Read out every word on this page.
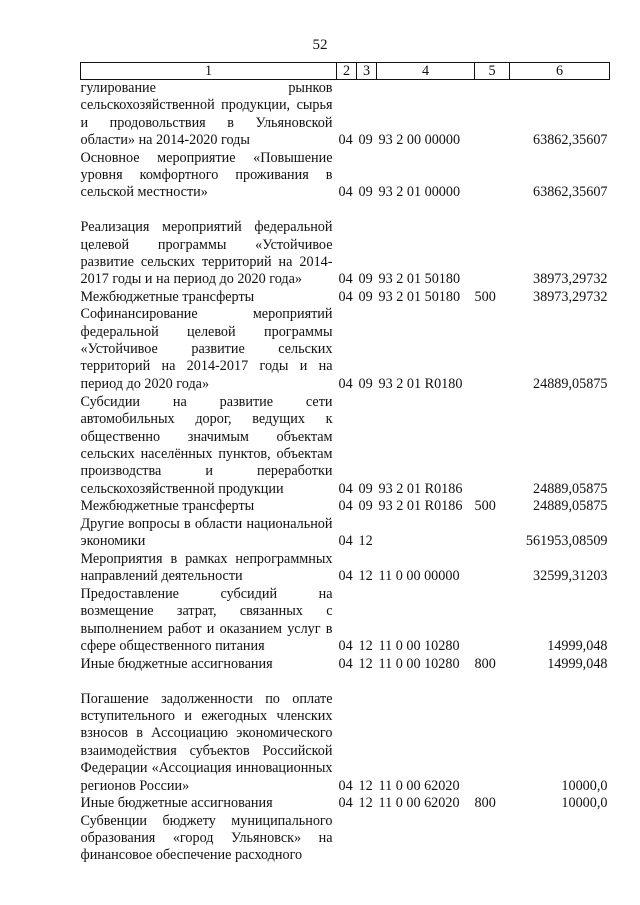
52
1	2	3	4	5	6
гулирование рынков сельскохозяйственной продукции, сырья и продовольствия в Ульяновской области» на 2014-2020 годы	04	09	93 2 00 00000		63862,35607
Основное мероприятие «Повышение уровня комфортного проживания в сельской местности»	04	09	93 2 01 00000		63862,35607
Реализация мероприятий федеральной целевой программы «Устойчивое развитие сельских территорий на 2014-2017 годы и на период до 2020 года»	04	09	93 2 01 50180		38973,29732
Межбюджетные трансферты	04	09	93 2 01 50180	500	38973,29732
Софинансирование мероприятий федеральной целевой программы «Устойчивое развитие сельских территорий на 2014-2017 годы и на период до 2020 года»	04	09	93 2 01 R0180		24889,05875
Субсидии на развитие сети автомобильных дорог, ведущих к общественно значимым объектам сельских населённых пунктов, объектам производства и переработки сельскохозяйственной продукции	04	09	93 2 01 R0186		24889,05875
Межбюджетные трансферты	04	09	93 2 01 R0186	500	24889,05875
Другие вопросы в области национальной экономики	04	12			561953,08509
Мероприятия в рамках непрограммных направлений деятельности	04	12	11 0 00 00000		32599,31203
Предоставление субсидий на возмещение затрат, связанных с выполнением работ и оказанием услуг в сфере общественного питания	04	12	11 0 00 10280		14999,048
Иные бюджетные ассигнования	04	12	11 0 00 10280	800	14999,048
Погашение задолженности по оплате вступительного и ежегодных членских взносов в Ассоциацию экономического взаимодействия субъектов Российской Федерации «Ассоциация инновационных регионов России»	04	12	11 0 00 62020		10000,0
Иные бюджетные ассигнования	04	12	11 0 00 62020	800	10000,0
Субвенции бюджету муниципального образования «город Ульяновск» на финансовое обеспечение расходного					
